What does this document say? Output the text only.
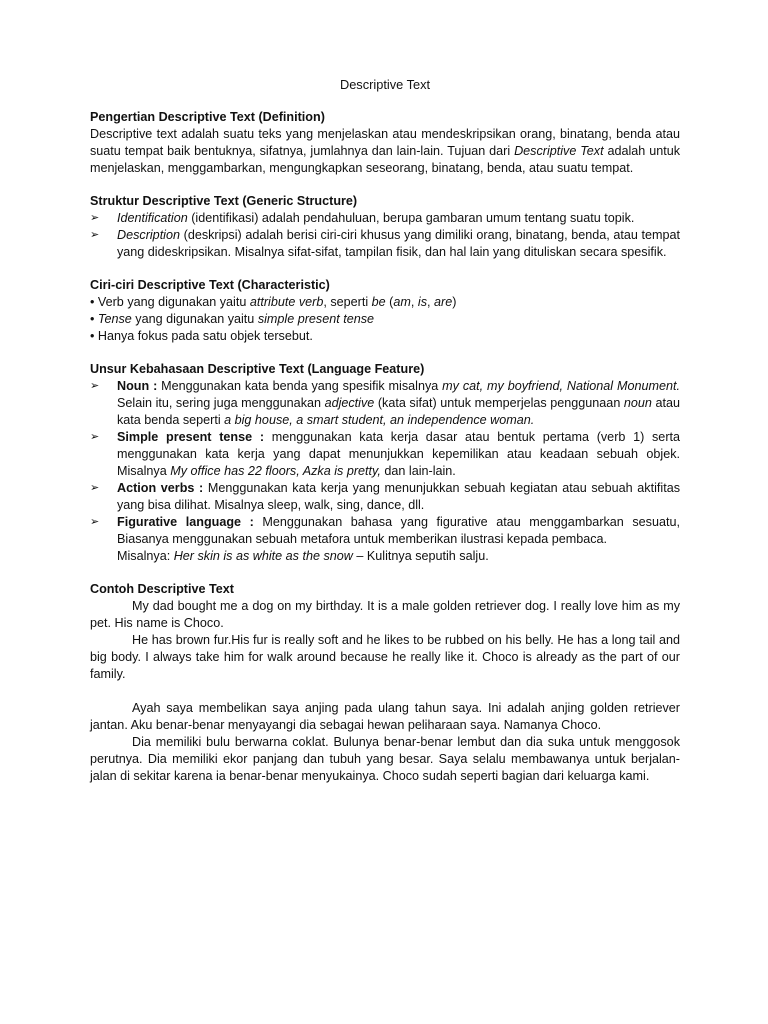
Descriptive Text

Pengertian Descriptive Text (Definition)

Descriptive text adalah suatu teks yang menjelaskan atau mendeskripsikan orang, binatang, benda atau suatu tempat baik bentuknya, sifatnya, jumlahnya dan lain-lain. Tujuan dari Descriptive Text adalah untuk menjelaskan, menggambarkan, mengungkapkan seseorang, binatang, benda, atau suatu tempat.

Struktur Descriptive Text (Generic Structure)

➢ Identification (identifikasi) adalah pendahuluan, berupa gambaran umum tentang suatu topik.
➢ Description (deskripsi) adalah berisi ciri-ciri khusus yang dimiliki orang, binatang, benda, atau tempat yang dideskripsikan. Misalnya sifat-sifat, tampilan fisik, dan hal lain yang dituliskan secara spesifik.

Ciri-ciri Descriptive Text (Characteristic)

• Verb yang digunakan yaitu attribute verb, seperti be (am, is, are)
• Tense yang digunakan yaitu simple present tense
• Hanya fokus pada satu objek tersebut.

Unsur Kebahasaan Descriptive Text (Language Feature)

➢ Noun : Menggunakan kata benda yang spesifik misalnya my cat, my boyfriend, National Monument. Selain itu, sering juga menggunakan adjective (kata sifat) untuk memperjelas penggunaan noun atau kata benda seperti a big house, a smart student, an independence woman.
➢ Simple present tense : menggunakan kata kerja dasar atau bentuk pertama (verb 1) serta menggunakan kata kerja yang dapat menunjukkan kepemilikan atau keadaan sebuah objek. Misalnya My office has 22 floors, Azka is pretty, dan lain-lain.
➢ Action verbs : Menggunakan kata kerja yang menunjukkan sebuah kegiatan atau sebuah aktifitas yang bisa dilihat. Misalnya sleep, walk, sing, dance, dll.
➢ Figurative language : Menggunakan bahasa yang figurative atau menggambarkan sesuatu, Biasanya menggunakan sebuah metafora untuk memberikan ilustrasi kepada pembaca.

Misalnya: Her skin is as white as the snow – Kulitnya seputih salju.

Contoh Descriptive Text

My dad bought me a dog on my birthday. It is a male golden retriever dog. I really love him as my pet. His name is Choco.

He has brown fur.His fur is really soft and he likes to be rubbed on his belly. He has a long tail and big body. I always take him for walk around because he really like it. Choco is already as the part of our family.

Ayah saya membelikan saya anjing pada ulang tahun saya. Ini adalah anjing golden retriever jantan. Aku benar-benar menyayangi dia sebagai hewan peliharaan saya. Namanya Choco.

Dia memiliki bulu berwarna coklat. Bulunya benar-benar lembut dan dia suka untuk menggosok perutnya. Dia memiliki ekor panjang dan tubuh yang besar. Saya selalu membawanya untuk berjalan-jalan di sekitar karena ia benar-benar menyukainya. Choco sudah seperti bagian dari keluarga kami.
